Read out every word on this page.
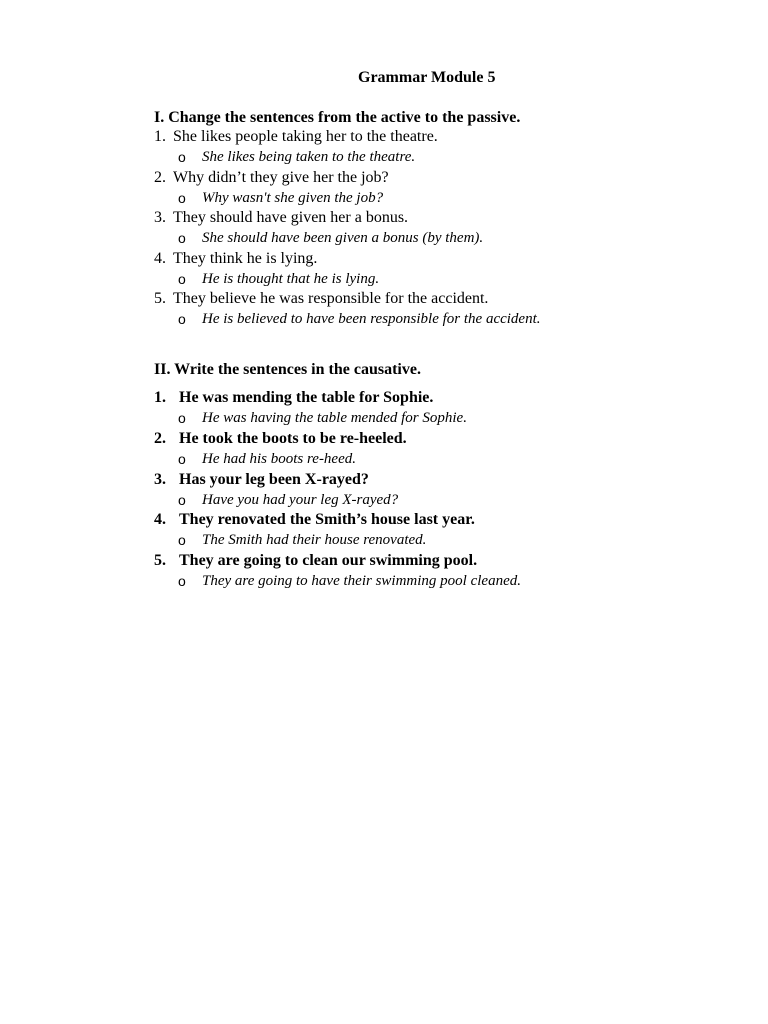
Grammar Module 5
I. Change the sentences from the active to the passive.
1. She likes people taking her to the theatre.
o	She likes being taken to the theatre.
2. Why didn’t they give her the job?
o	Why wasn't she given the job?
3. They should have given her a bonus.
o	She should have been given a bonus (by them).
4. They think he is lying.
o	He is thought that he is lying.
5. They believe he was responsible for the accident.
o	He is believed to have been responsible for the accident.
II. Write the sentences in the causative.
1. He was mending the table for Sophie.
o	He was having the table mended for Sophie.
2. He took the boots to be re-heeled.
o	He had his boots re-heed.
3. Has your leg been X-rayed?
o	Have you had your leg X-rayed?
4. They renovated the Smith’s house last year.
o	The Smith had their house renovated.
5. They are going to clean our swimming pool.
o	They are going to have their swimming pool cleaned.
